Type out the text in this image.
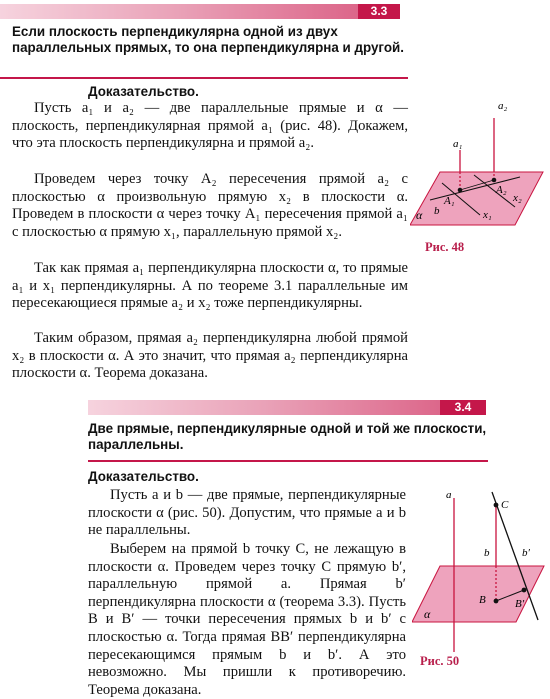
3.3

Если плоскость перпендикулярна одной из двух параллельных прямых, то она перпендикулярна и другой.

Доказательство.

Пусть a₁ и a₂ — две параллельные прямые и α — плоскость, перпендикулярная прямой a₁ (рис. 48). Докажем, что эта плоскость перпендикулярна и прямой a₂.

Проведем через точку A₂ пересечения прямой a₂ с плоскостью α произвольную прямую x₂ в плоскости α. Проведем в плоскости α через точку A₁ пересечения прямой a₁ с плоскостью α прямую x₁, параллельную прямой x₂.

Так как прямая a₁ перпендикулярна плоскости α, то прямые a₁ и x₁ перпендикулярны. А по теореме 3.1 параллельные им пересекающиеся прямые a₂ и x₂ тоже перпендикулярны.

Таким образом, прямая a₂ перпендикулярна любой прямой x₂ в плоскости α. А это значит, что прямая a₂ перпендикулярна плоскости α. Теорема доказана.

a₂
a₁
A₁
A₂
x₁
x₂
b
α
Рис. 48
3.4

Две прямые, перпендикулярные одной и той же плоскости, параллельны.

Доказательство.

Пусть a и b — две прямые, перпендикулярные плоскости α (рис. 50). Допустим, что прямые a и b не параллельны.

Выберем на прямой b точку C, не лежащую в плоскости α. Проведем через точку C прямую b′, параллельную прямой a. Прямая b′ перпендикулярна плоскости α (теорема 3.3). Пусть B и B′ — точки пересечения прямых b и b′ с плоскостью α. Тогда прямая BB′ перпендикулярна пересекающимся прямым b и b′. А это невозможно. Мы пришли к противоречию. Теорема доказана.

a
C
b	b′
B	B′
α
Рис. 50
